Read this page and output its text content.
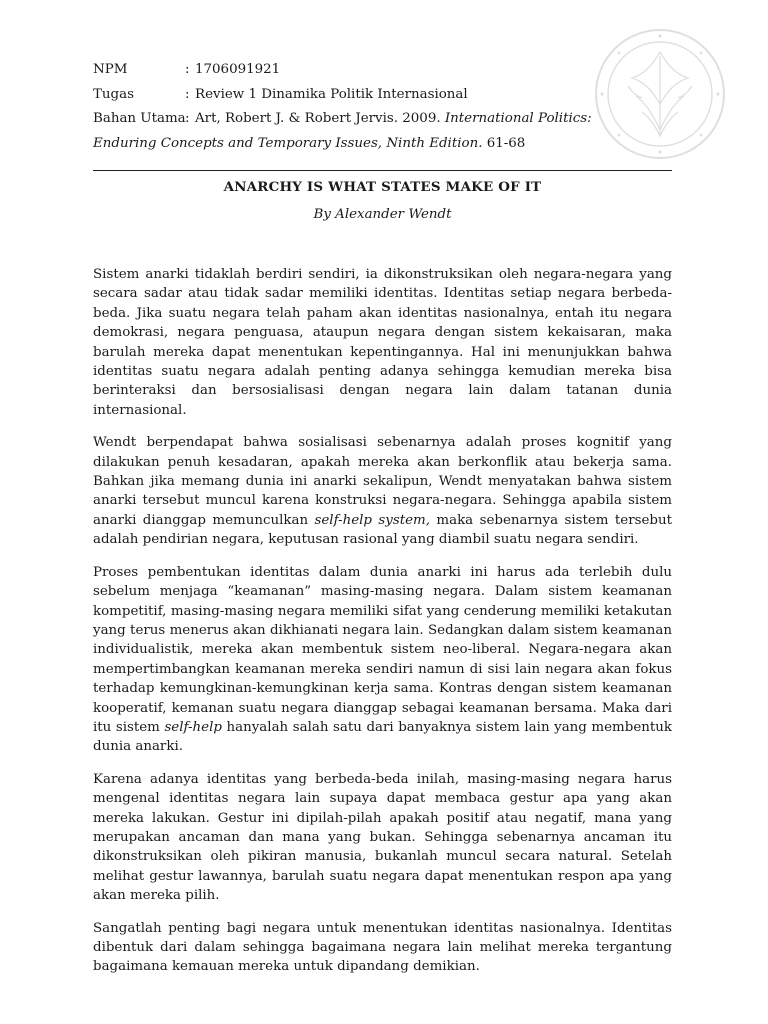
NPM	: 1706091921
Tugas	: Review 1 Dinamika Politik Internasional
Bahan Utama: Art, Robert J. & Robert Jervis. 2009. International Politics:
Enduring Concepts and Temporary Issues, Ninth Edition. 61-68
ANARCHY IS WHAT STATES MAKE OF IT
By Alexander Wendt

Sistem anarki tidaklah berdiri sendiri, ia dikonstruksikan oleh negara-negara yang secara sadar atau tidak sadar memiliki identitas. Identitas setiap negara berbeda-beda. Jika suatu negara telah paham akan identitas nasionalnya, entah itu negara demokrasi, negara penguasa, ataupun negara dengan sistem kekaisaran, maka barulah mereka dapat menentukan kepentingannya. Hal ini menunjukkan bahwa identitas suatu negara adalah penting adanya sehingga kemudian mereka bisa berinteraksi dan bersosialisasi dengan negara lain dalam tatanan dunia internasional.

Wendt berpendapat bahwa sosialisasi sebenarnya adalah proses kognitif yang dilakukan penuh kesadaran, apakah mereka akan berkonflik atau bekerja sama. Bahkan jika memang dunia ini anarki sekalipun, Wendt menyatakan bahwa sistem anarki tersebut muncul karena konstruksi negara-negara. Sehingga apabila sistem anarki dianggap memunculkan self-help system, maka sebenarnya sistem tersebut adalah pendirian negara, keputusan rasional yang diambil suatu negara sendiri.

Proses pembentukan identitas dalam dunia anarki ini harus ada terlebih dulu sebelum menjaga “keamanan” masing-masing negara. Dalam sistem keamanan kompetitif, masing-masing negara memiliki sifat yang cenderung memiliki ketakutan yang terus menerus akan dikhianati negara lain. Sedangkan dalam sistem keamanan individualistik, mereka akan membentuk sistem neo-liberal. Negara-negara akan mempertimbangkan keamanan mereka sendiri namun di sisi lain negara akan fokus terhadap kemungkinan-kemungkinan kerja sama. Kontras dengan sistem keamanan kooperatif, kemanan suatu negara dianggap sebagai keamanan bersama. Maka dari itu sistem self-help hanyalah salah satu dari banyaknya sistem lain yang membentuk dunia anarki.

Karena adanya identitas yang berbeda-beda inilah, masing-masing negara harus mengenal identitas negara lain supaya dapat membaca gestur apa yang akan mereka lakukan. Gestur ini dipilah-pilah apakah positif atau negatif, mana yang merupakan ancaman dan mana yang bukan. Sehingga sebenarnya ancaman itu dikonstruksikan oleh pikiran manusia, bukanlah muncul secara natural. Setelah melihat gestur lawannya, barulah suatu negara dapat menentukan respon apa yang akan mereka pilih.

Sangatlah penting bagi negara untuk menentukan identitas nasionalnya. Identitas dibentuk dari dalam sehingga bagaimana negara lain melihat mereka tergantung bagaimana kemauan mereka untuk dipandang demikian.
